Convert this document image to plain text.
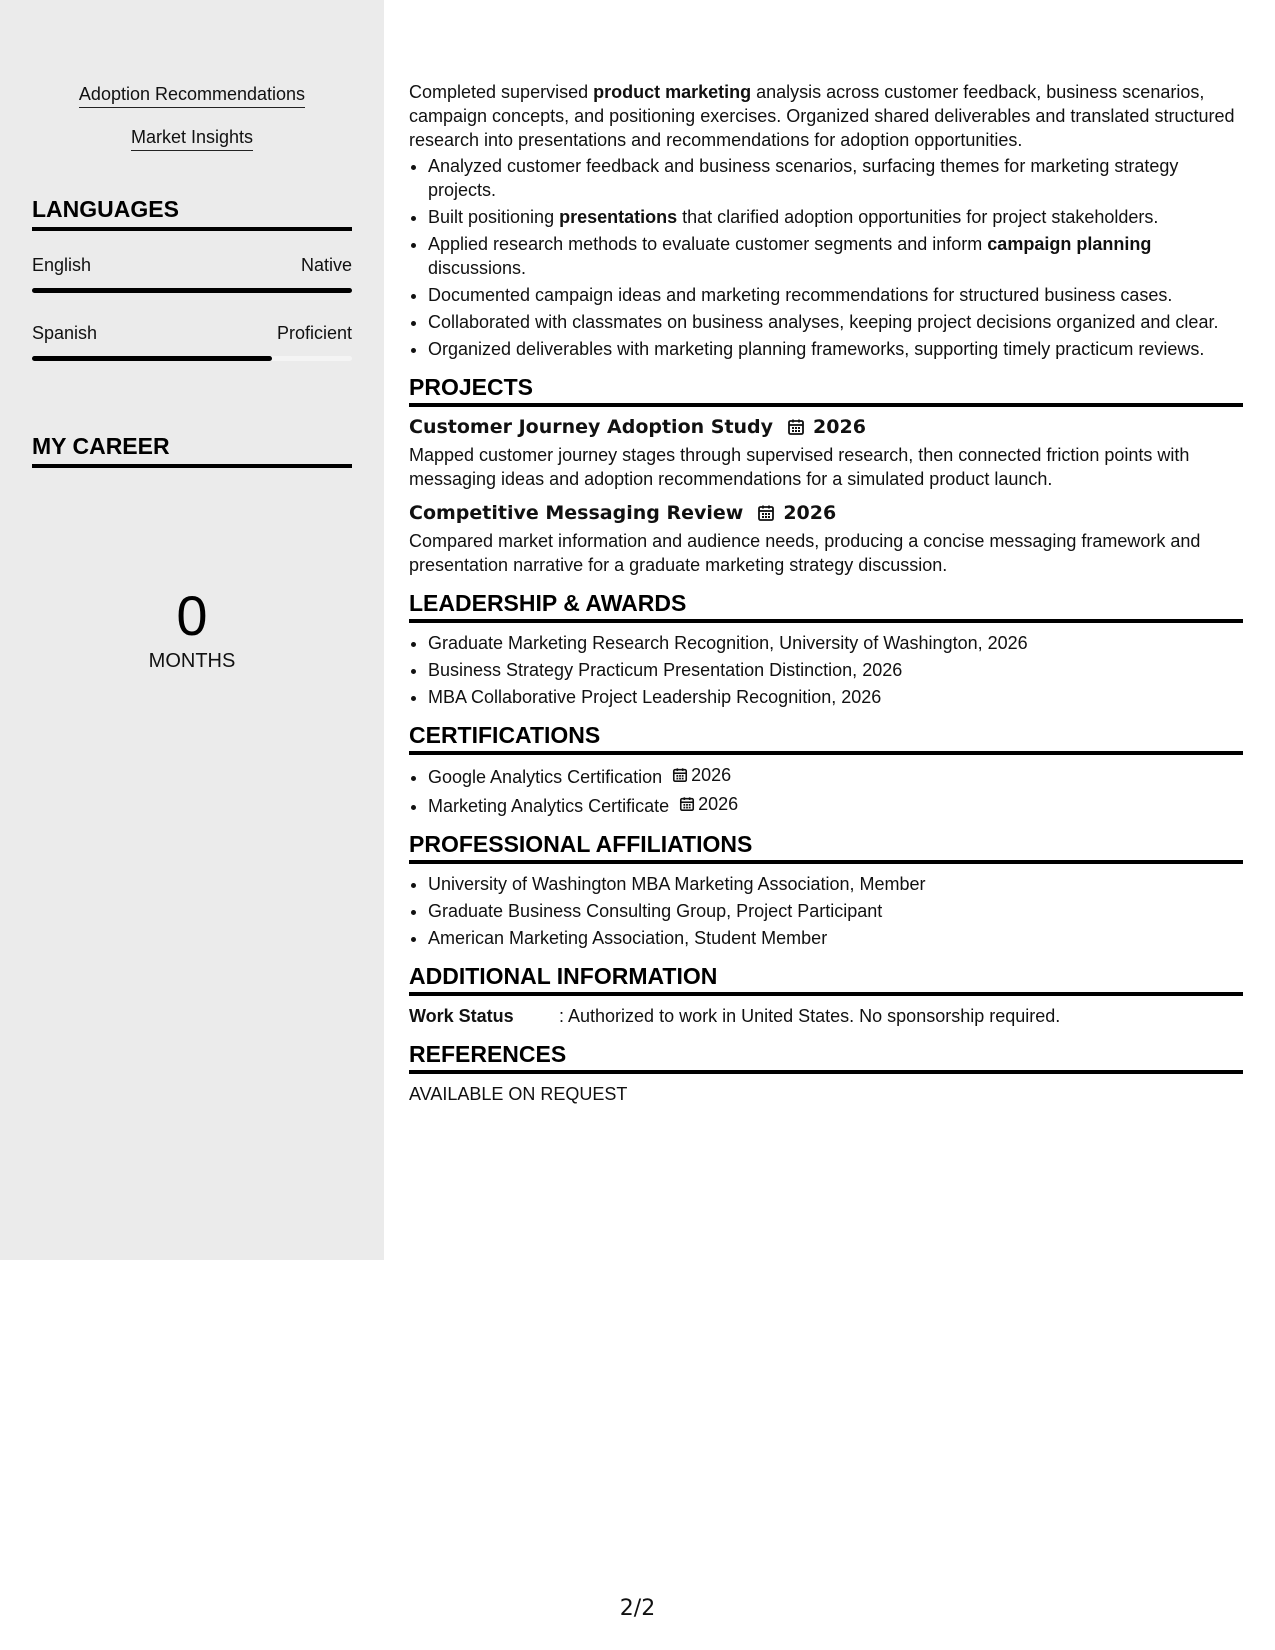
Adoption Recommendations
Market Insights
LANGUAGES
English	Native
Spanish	Proficient
MY CAREER
0
MONTHS

Completed supervised product marketing analysis across customer feedback, business scenarios, campaign concepts, and positioning exercises. Organized shared deliverables and translated structured research into presentations and recommendations for adoption opportunities.

• Analyzed customer feedback and business scenarios, surfacing themes for marketing strategy projects.
• Built positioning presentations that clarified adoption opportunities for project stakeholders.
• Applied research methods to evaluate customer segments and inform campaign planning discussions.
• Documented campaign ideas and marketing recommendations for structured business cases.
• Collaborated with classmates on business analyses, keeping project decisions organized and clear.
• Organized deliverables with marketing planning frameworks, supporting timely practicum reviews.
PROJECTS
Customer Journey Adoption Study 2026

Mapped customer journey stages through supervised research, then connected friction points with messaging ideas and adoption recommendations for a simulated product launch.

Competitive Messaging Review 2026

Compared market information and audience needs, producing a concise messaging framework and presentation narrative for a graduate marketing strategy discussion.

LEADERSHIP & AWARDS
• Graduate Marketing Research Recognition, University of Washington, 2026
• Business Strategy Practicum Presentation Distinction, 2026
• MBA Collaborative Project Leadership Recognition, 2026
CERTIFICATIONS
• Google Analytics Certification 2026
• Marketing Analytics Certificate 2026
PROFESSIONAL AFFILIATIONS
• University of Washington MBA Marketing Association, Member
• Graduate Business Consulting Group, Project Participant
• American Marketing Association, Student Member
ADDITIONAL INFORMATION
Work Status	: Authorized to work in United States. No sponsorship required.
REFERENCES
AVAILABLE ON REQUEST
2/2
